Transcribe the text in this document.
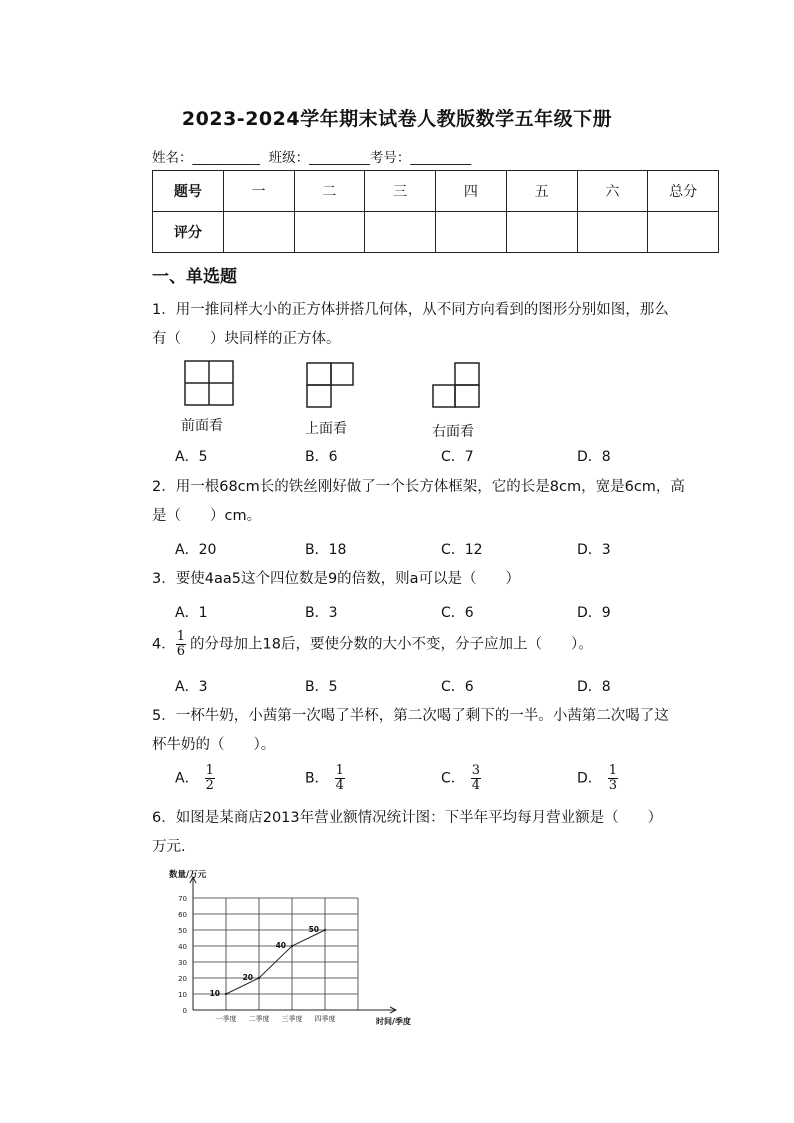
2023-2024学年期末试卷人教版数学五年级下册
姓名：__________ 班级：_________考号：_________
题号	一	二	三	四	五	六	总分
评分							
一、单选题
1．用一推同样大小的正方体拼搭几何体，从不同方向看到的图形分别如图，那么
有（　　）块同样的正方体。
前面看	上面看	右面看
A．5	B．6	C．7	D．8
2．用一根68cm长的铁丝刚好做了一个长方体框架，它的长是8cm，宽是6cm，高
是（　　）cm。
A．20	B．18	C．12	D．3
3．要使4aa5这个四位数是9的倍数，则a可以是（　　）
A．1	B．3	C．6	D．9
4． $\frac{1}{6}$ 的分母加上18后，要使分数的大小不变，分子应加上（　　）。
A．3	B．5	C．6	D．8
5．一杯牛奶，小茜第一次喝了半杯，第二次喝了剩下的一半。小茜第二次喝了这
杯牛奶的（　　）。
A． $\frac{1}{2}$	B． $\frac{1}{4}$	C． $\frac{3}{4}$	D． $\frac{1}{3}$
6．如图是某商店2013年营业额情况统计图：下半年平均每月营业额是（　　）
万元.
0
10
20
30
40
50
60
70
数量/万元
时间/季度
一季度 二季度 三季度 四季度
10
20
40
50
